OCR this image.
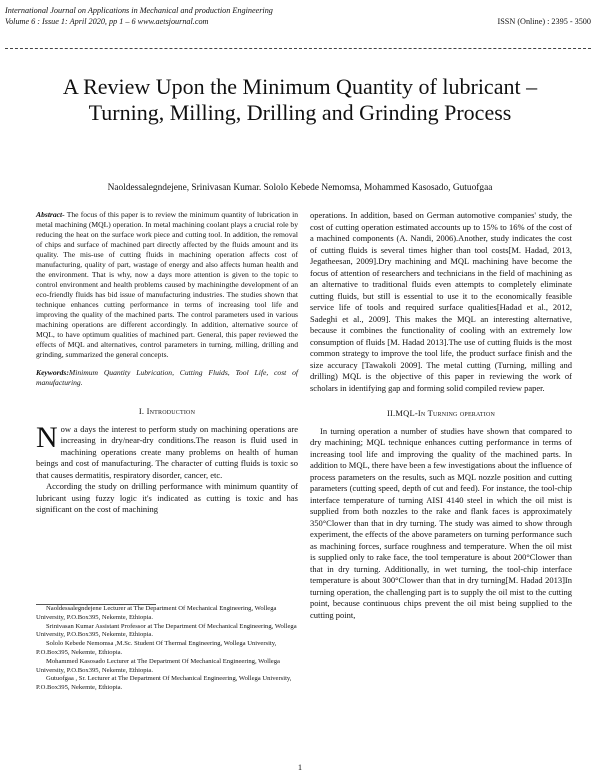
International Journal on Applications in Mechanical and production Engineering
Volume 6 : Issue 1: April 2020, pp 1 – 6 www.aetsjournal.com	ISSN (Online) : 2395 - 3500
A Review Upon the Minimum Quantity of lubricant –Turning, Milling, Drilling and Grinding Process
Naoldessalegndejene, Srinivasan Kumar. Sololo Kebede Nemomsa, Mohammed Kasosado, Gutuofgaa
Abstract- The focus of this paper is to review the minimum quantity of lubrication in metal machining (MQL) operation. In metal machining coolant plays a crucial role by reducing the heat on the surface work piece and cutting tool. In addition, the removal of chips and surface of machined part directly affected by the fluids amount and its quality. The mis-use of cutting fluids in machining operation affects cost of manufacturing, quality of part, wastage of energy and also affects human health and the environment. That is why, now a days more attention is given to the topic to control environment and health problems caused by machiningthe development of an eco-friendly fluids has bid issue of manufacturing industries. The studies shown that technique enhances cutting performance in terms of increasing tool life and improving the quality of the machined parts. The control parameters used in various machining operations are different accordingly. In addition, alternative source of MQL, to have optimum qualities of machined part. General, this paper reviewed the effects of MQL and alternatives, control parameters in turning, milling, drilling and grinding, summarized the general concepts.
Keywords:Minimum Quantity Lubrication, Cutting Fluids, Tool Life, cost of manufacturing.
I. Introduction

Now a days the interest to perform study on machining operations are increasing in dry/near-dry conditions.The reason is fluid used in machining operations create many problems on health of human beings and cost of manufacturing. The character of cutting fluids is toxic so that causes dermatitis, respiratory disorder, cancer, etc.

According the study on drilling performance with minimum quantity of lubricant using fuzzy logic it's indicated as cutting is toxic and has significant on the cost of machining

Naoldessalegndejene Lecturer at The Department Of Mechanical Engineering, Wollega University, P.O.Box395, Nekemte, Ethiopia.
Srinivasan Kumar Assistant Professor at The Department Of Mechanical Engineering, Wollega University, P.O.Box395, Nekemte, Ethiopia.
Sololo Kebede Nemomsa ,M.Sc. Student Of Thermal Engineering, Wollega University, P.O.Box395, Nekemte, Ethiopia.
Mohammed Kasosado Lecturer at The Department Of Mechanical Engineering, Wollega University, P.O.Box395, Nekemte, Ethiopia.
Gutuofgaa , Sr. Lecturer at The Department Of Mechanical Engineering, Wollega University, P.O.Box395, Nekemte, Ethiopia.

operations. In addition, based on German automotive companies' study, the cost of cutting operation estimated accounts up to 15% to 16% of the cost of a machined components (A. Nandi, 2006).Another, study indicates the cost of cutting fluids is several times higher than tool costs[M. Hadad, 2013, Jegatheesan, 2009].Dry machining and MQL machining have become the focus of attention of researchers and technicians in the field of machining as an alternative to traditional fluids even attempts to completely eliminate cutting fluids, but still is essential to use it to the economically feasible service life of tools and required surface qualities[Hadad et al., 2012, Sadeghi et al., 2009]. This makes the MQL an interesting alternative, because it combines the functionality of cooling with an extremely low consumption of fluids [M. Hadad 2013].The use of cutting fluids is the most common strategy to improve the tool life, the product surface finish and the size accuracy [Tawakoli 2009]. The metal cutting (Turning, milling and drilling) MQL is the objective of this paper in reviewing the work of scholars in identifying gap and forming solid compiled review paper.

II.MQL-In Turning operation

In turning operation a number of studies have shown that compared to dry machining; MQL technique enhances cutting performance in terms of increasing tool life and improving the quality of the machined parts. In addition to MQL, there have been a few investigations about the influence of process parameters on the results, such as MQL nozzle position and cutting parameters (cutting speed, depth of cut and feed). For instance, the tool-chip interface temperature of turning AISI 4140 steel in which the oil mist is supplied from both nozzles to the rake and flank faces is approximately 350°Clower than that in dry turning. The study was aimed to show through experiment, the effects of the above parameters on turning performance such as machining forces, surface roughness and temperature. When the oil mist is supplied only to rake face, the tool temperature is about 200°Clower than that in dry turning. Additionally, in wet turning, the tool-chip interface temperature is about 300°Clower than that in dry turning[M. Hadad 2013]In turning operation, the challenging part is to supply the oil mist to the cutting point, because continuous chips prevent the oil mist being supplied to the cutting point,

1
